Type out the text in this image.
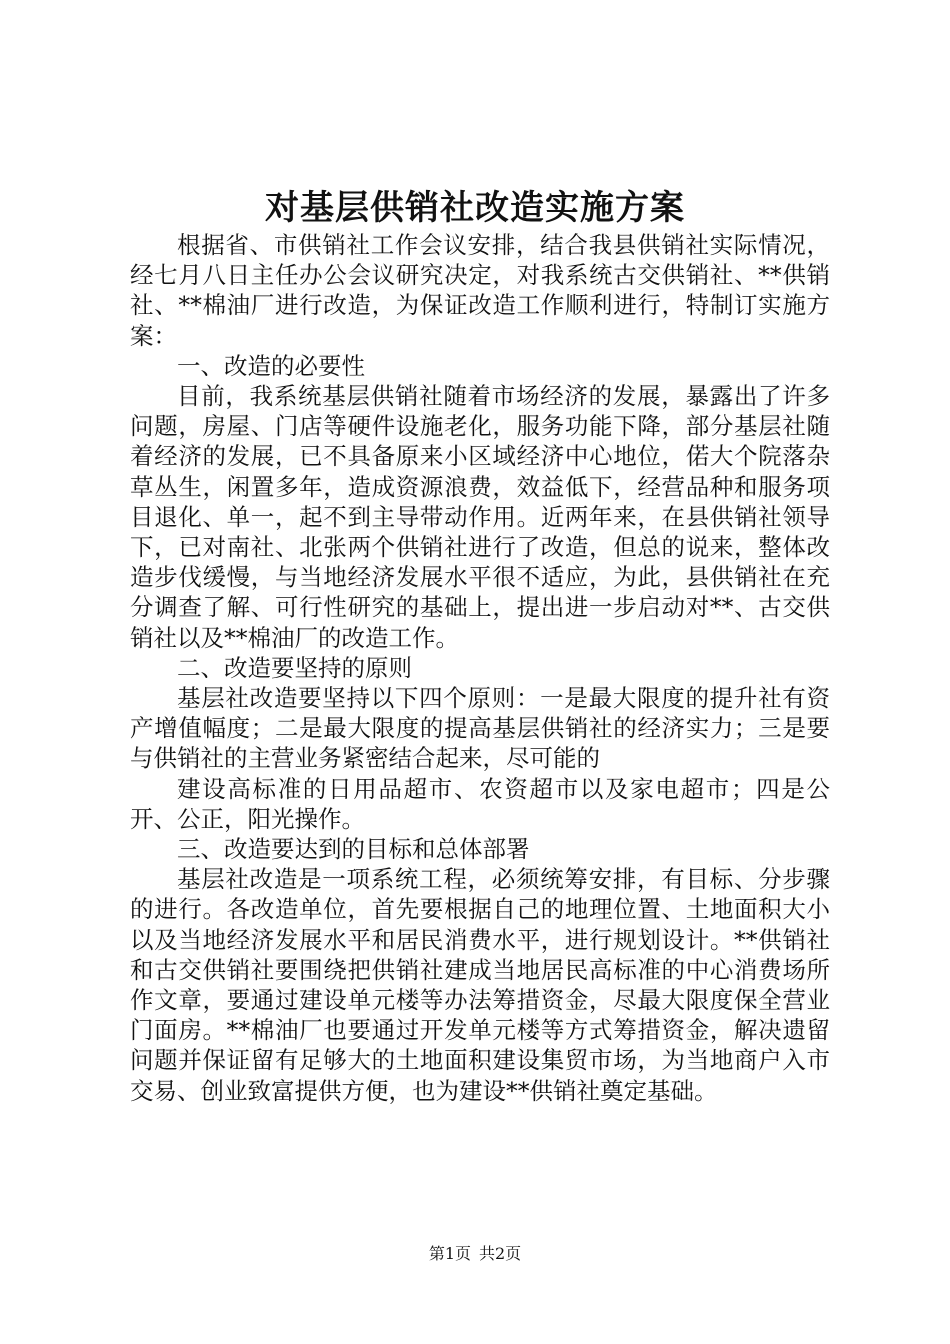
对基层供销社改造实施方案

根据省、市供销社工作会议安排，结合我县供销社实际情况，经七月八日主任办公会议研究决定，对我系统古交供销社、**供销社、**棉油厂进行改造，为保证改造工作顺利进行，特制订实施方案：

一、改造的必要性

目前，我系统基层供销社随着市场经济的发展，暴露出了许多问题，房屋、门店等硬件设施老化，服务功能下降，部分基层社随着经济的发展，已不具备原来小区域经济中心地位，偌大个院落杂草丛生，闲置多年，造成资源浪费，效益低下，经营品种和服务项目退化、单一，起不到主导带动作用。近两年来，在县供销社领导下，已对南社、北张两个供销社进行了改造，但总的说来，整体改造步伐缓慢，与当地经济发展水平很不适应，为此，县供销社在充分调查了解、可行性研究的基础上，提出进一步启动对**、古交供销社以及**棉油厂的改造工作。

二、改造要坚持的原则

基层社改造要坚持以下四个原则：一是最大限度的提升社有资产增值幅度；二是最大限度的提高基层供销社的经济实力；三是要与供销社的主营业务紧密结合起来，尽可能的

建设高标准的日用品超市、农资超市以及家电超市；四是公开、公正，阳光操作。

三、改造要达到的目标和总体部署

基层社改造是一项系统工程，必须统筹安排，有目标、分步骤的进行。各改造单位，首先要根据自己的地理位置、土地面积大小以及当地经济发展水平和居民消费水平，进行规划设计。**供销社和古交供销社要围绕把供销社建成当地居民高标准的中心消费场所作文章，要通过建设单元楼等办法筹措资金，尽最大限度保全营业门面房。**棉油厂也要通过开发单元楼等方式筹措资金，解决遗留问题并保证留有足够大的土地面积建设集贸市场，为当地商户入市交易、创业致富提供方便，也为建设**供销社奠定基础。

第1页 共2页
